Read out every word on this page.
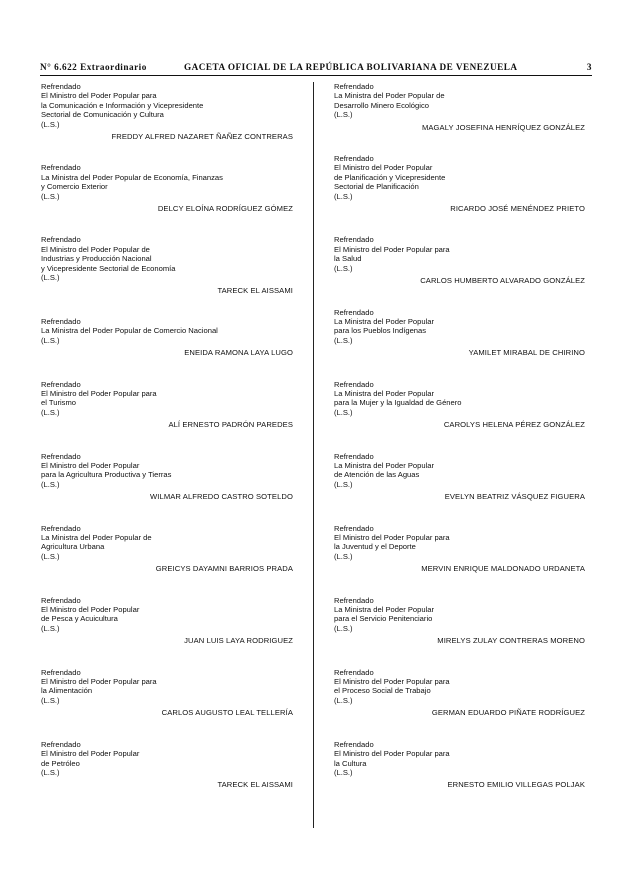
N° 6.622 Extraordinario	GACETA OFICIAL DE LA REPÚBLICA BOLIVARIANA DE VENEZUELA	3
Refrendado
El Ministro del Poder Popular para
la Comunicación e Información y Vicepresidente
Sectorial de Comunicación y Cultura
(L.S.)
FREDDY ALFRED NAZARET ÑAÑEZ CONTRERAS
Refrendado
La Ministra del Poder Popular de Economía, Finanzas
y Comercio Exterior
(L.S.)
DELCY ELOÍNA RODRÍGUEZ GÓMEZ
Refrendado
El Ministro del Poder Popular de
Industrias y Producción Nacional
y Vicepresidente Sectorial de Economía
(L.S.)
TARECK EL AISSAMI
Refrendado
La Ministra del Poder Popular de Comercio Nacional
(L.S.)
ENEIDA RAMONA LAYA LUGO
Refrendado
El Ministro del Poder Popular para
el Turismo
(L.S.)
ALÍ ERNESTO PADRÓN PAREDES
Refrendado
El Ministro del Poder Popular
para la Agricultura Productiva y Tierras
(L.S.)
WILMAR ALFREDO CASTRO SOTELDO
Refrendado
La Ministra del Poder Popular de
Agricultura Urbana
(L.S.)
GREICYS DAYAMNI BARRIOS PRADA
Refrendado
El Ministro del Poder Popular
de Pesca y Acuicultura
(L.S.)
JUAN LUIS LAYA RODRIGUEZ
Refrendado
El Ministro del Poder Popular para
la Alimentación
(L.S.)
CARLOS AUGUSTO LEAL TELLERÍA
Refrendado
El Ministro del Poder Popular
de Petróleo
(L.S.)
TARECK EL AISSAMI
Refrendado
La Ministra del Poder Popular de
Desarrollo Minero Ecológico
(L.S.)
MAGALY JOSEFINA HENRÍQUEZ GONZÁLEZ
Refrendado
El Ministro del Poder Popular
de Planificación y Vicepresidente
Sectorial de Planificación
(L.S.)
RICARDO JOSÉ MENÉNDEZ PRIETO
Refrendado
El Ministro del Poder Popular para
la Salud
(L.S.)
CARLOS HUMBERTO ALVARADO GONZÁLEZ
Refrendado
La Ministra del Poder Popular
para los Pueblos Indígenas
(L.S.)
YAMILET MIRABAL DE CHIRINO
Refrendado
La Ministra del Poder Popular
para la Mujer y la Igualdad de Género
(L.S.)
CAROLYS HELENA PÉREZ GONZÁLEZ
Refrendado
La Ministra del Poder Popular
de Atención de las Aguas
(L.S.)
EVELYN BEATRIZ VÁSQUEZ FIGUERA
Refrendado
El Ministro del Poder Popular para
la Juventud y el Deporte
(L.S.)
MERVIN ENRIQUE MALDONADO URDANETA
Refrendado
La Ministra del Poder Popular
para el Servicio Penitenciario
(L.S.)
MIRELYS ZULAY CONTRERAS MORENO
Refrendado
El Ministro del Poder Popular para
el Proceso Social de Trabajo
(L.S.)
GERMAN EDUARDO PIÑATE RODRÍGUEZ
Refrendado
El Ministro del Poder Popular para
la Cultura
(L.S.)
ERNESTO EMILIO VILLEGAS POLJAK
